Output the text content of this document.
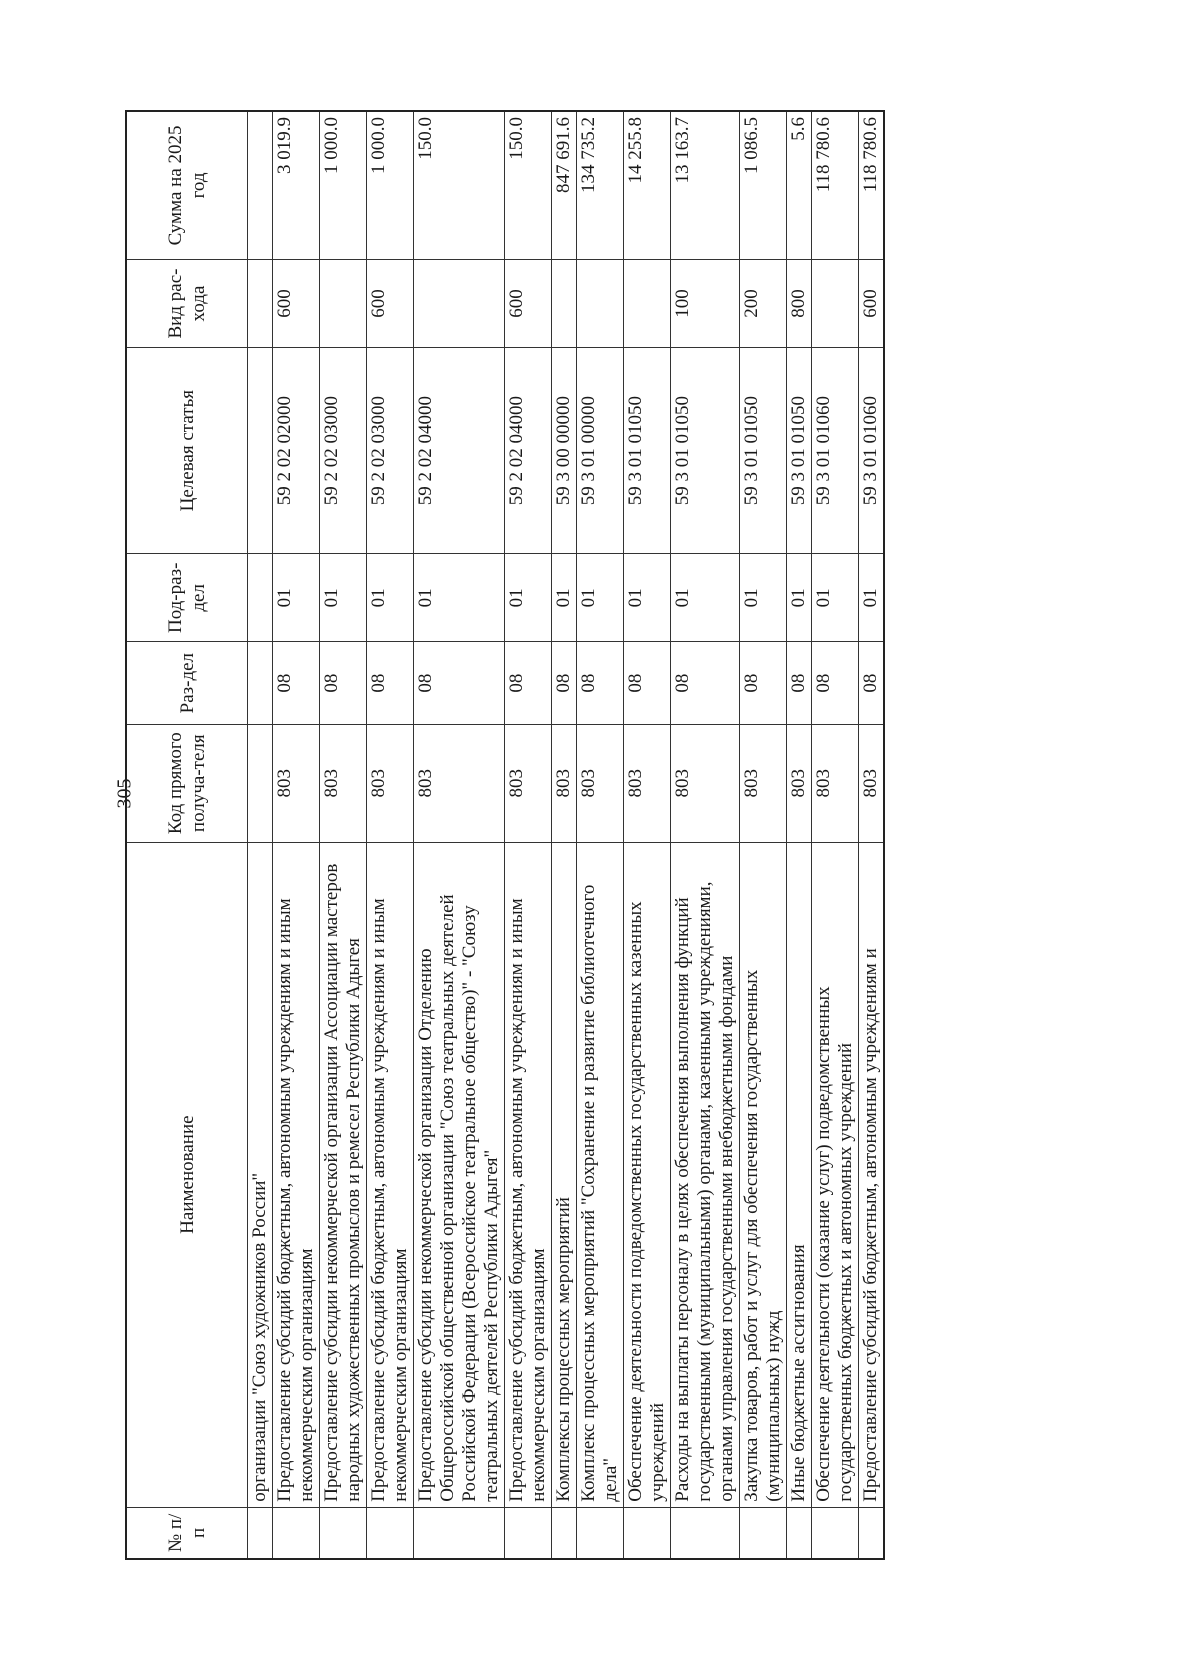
- 305 -
№ п/п	Наименование	Код прямого получа-теля	Раз-дел	Под-раз-дел	Целевая статья	Вид рас-хода	Сумма на 2025 год
	организации "Союз художников России"						
	Предоставление субсидий бюджетным, автономным учреждениям и иным некоммерческим организациям	803	08	01	59 2 02 02000	600	3 019.9
	Предоставление субсидии некоммерческой организации Ассоциации мастеров народных художественных промыслов и ремесел Республики Адыгея	803	08	01	59 2 02 03000		1 000.0
	Предоставление субсидий бюджетным, автономным учреждениям и иным некоммерческим организациям	803	08	01	59 2 02 03000	600	1 000.0
	Предоставление субсидии некоммерческой организации Отделению Общероссийской общественной организации "Союз театральных деятелей Российской Федерации (Всероссийское театральное общество)" - "Союзу театральных деятелей Республики Адыгея"	803	08	01	59 2 02 04000		150.0
	Предоставление субсидий бюджетным, автономным учреждениям и иным некоммерческим организациям	803	08	01	59 2 02 04000	600	150.0
	Комплексы процессных мероприятий	803	08	01	59 3 00 00000		847 691.6
	Комплекс процессных мероприятий "Сохранение и развитие библиотечного дела"	803	08	01	59 3 01 00000		134 735.2
	Обеспечение деятельности подведомственных государственных казенных учреждений	803	08	01	59 3 01 01050		14 255.8
	Расходы на выплаты персоналу в целях обеспечения выполнения функций государственными (муниципальными) органами, казенными учреждениями, органами управления государственными внебюджетными фондами	803	08	01	59 3 01 01050	100	13 163.7
	Закупка товаров, работ и услуг для обеспечения государственных (муниципальных) нужд	803	08	01	59 3 01 01050	200	1 086.5
	Иные бюджетные ассигнования	803	08	01	59 3 01 01050	800	5.6
	Обеспечение деятельности (оказание услуг) подведомственных государственных бюджетных и автономных учреждений	803	08	01	59 3 01 01060		118 780.6
	Предоставление субсидий бюджетным, автономным учреждениям и	803	08	01	59 3 01 01060	600	118 780.6
